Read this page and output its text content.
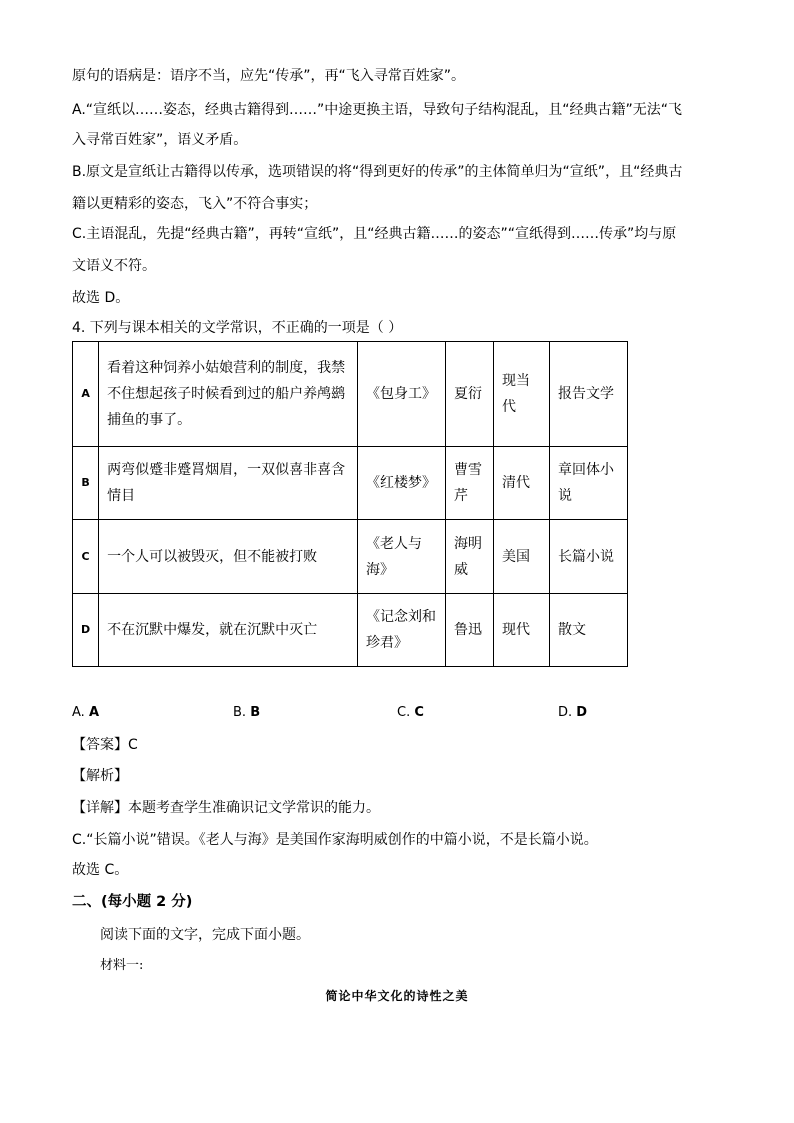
原句的语病是：语序不当，应先“传承”，再“飞入寻常百姓家”。
A.“宣纸以……姿态，经典古籍得到……”中途更换主语，导致句子结构混乱，且“经典古籍”无法“飞
入寻常百姓家”，语义矛盾。
B.原文是宣纸让古籍得以传承，选项错误的将“得到更好的传承”的主体简单归为“宣纸”，且“经典古
籍以更精彩的姿态，飞入”不符合事实；
C.主语混乱，先提“经典古籍”，再转“宣纸”，且“经典古籍……的姿态”“宣纸得到……传承”均与原
文语义不符。
故选 D。
4. 下列与课本相关的文学常识，不正确的一项是（ ）
A	看着这种饲养小姑娘营利的制度，我禁不住想起孩子时候看到过的船户养鸬鹚捕鱼的事了。	《包身工》	夏衍	现当代	报告文学
B	两弯似蹙非蹙罥烟眉，一双似喜非喜含情目	《红楼梦》	曹雪芹	清代	章回体小说
C	一个人可以被毁灭，但不能被打败	《老人与海》	海明威	美国	长篇小说
D	不在沉默中爆发，就在沉默中灭亡	《记念刘和珍君》	鲁迅	现代	散文
A. A	B. B	C. C	D. D
【答案】C
【解析】
【详解】本题考查学生准确识记文学常识的能力。
C.“长篇小说”错误。《老人与海》是美国作家海明威创作的中篇小说，不是长篇小说。
故选 C。
二、(每小题 2 分)
阅读下面的文字，完成下面小题。
材料一:
简论中华文化的诗性之美
